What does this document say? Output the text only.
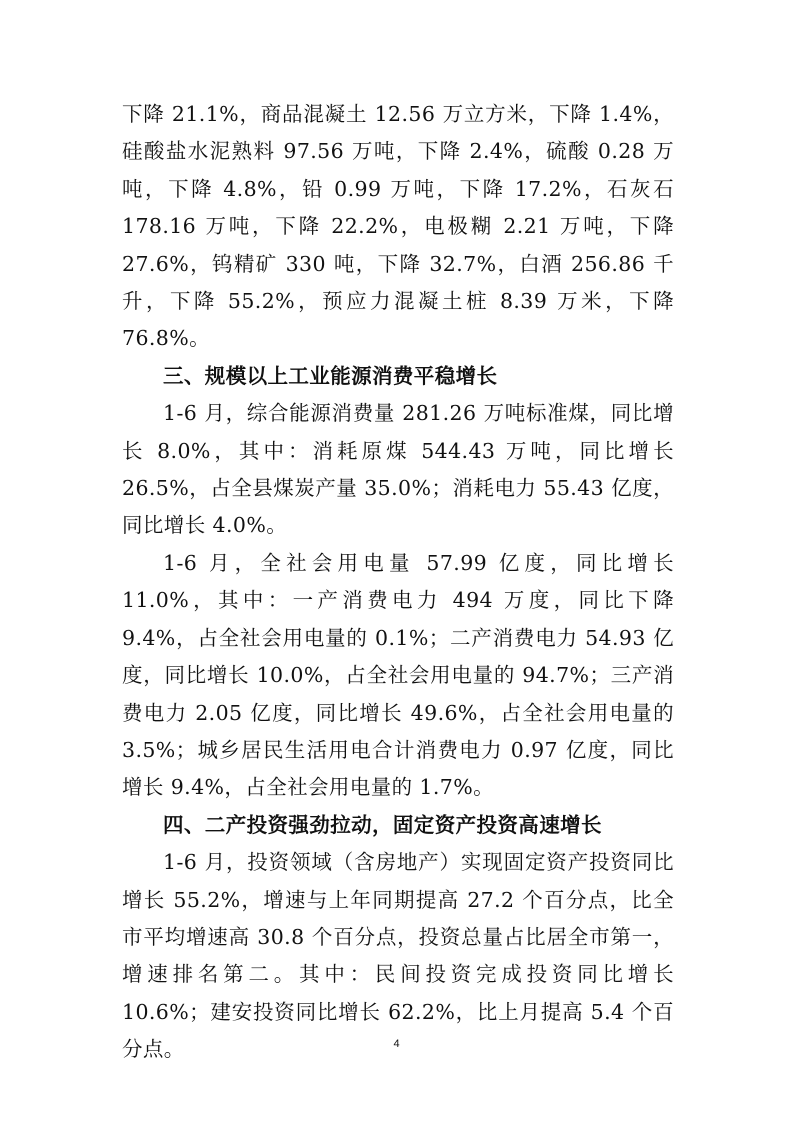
下降 21.1%，商品混凝土 12.56 万立方米，下降 1.4%，硅酸盐水泥熟料 97.56 万吨，下降 2.4%，硫酸 0.28 万吨，下降 4.8%，铅 0.99 万吨，下降 17.2%，石灰石 178.16 万吨，下降 22.2%，电极糊 2.21 万吨，下降 27.6%，钨精矿 330 吨，下降 32.7%，白酒 256.86 千升，下降 55.2%，预应力混凝土桩 8.39 万米，下降 76.8%。

三、规模以上工业能源消费平稳增长

1-6 月，综合能源消费量 281.26 万吨标准煤，同比增长 8.0%，其中：消耗原煤 544.43 万吨，同比增长 26.5%，占全县煤炭产量 35.0%；消耗电力 55.43 亿度，同比增长 4.0%。

1-6 月，全社会用电量 57.99 亿度，同比增长 11.0%，其中：一产消费电力 494 万度，同比下降 9.4%，占全社会用电量的 0.1%；二产消费电力 54.93 亿度，同比增长 10.0%，占全社会用电量的 94.7%；三产消费电力 2.05 亿度，同比增长 49.6%，占全社会用电量的 3.5%；城乡居民生活用电合计消费电力 0.97 亿度，同比增长 9.4%，占全社会用电量的 1.7%。

四、二产投资强劲拉动，固定资产投资高速增长

1-6 月，投资领域（含房地产）实现固定资产投资同比增长 55.2%，增速与上年同期提高 27.2 个百分点，比全市平均增速高 30.8 个百分点，投资总量占比居全市第一，增速排名第二。其中：民间投资完成投资同比增长 10.6%；建安投资同比增长 62.2%，比上月提高 5.4 个百分点。	4
